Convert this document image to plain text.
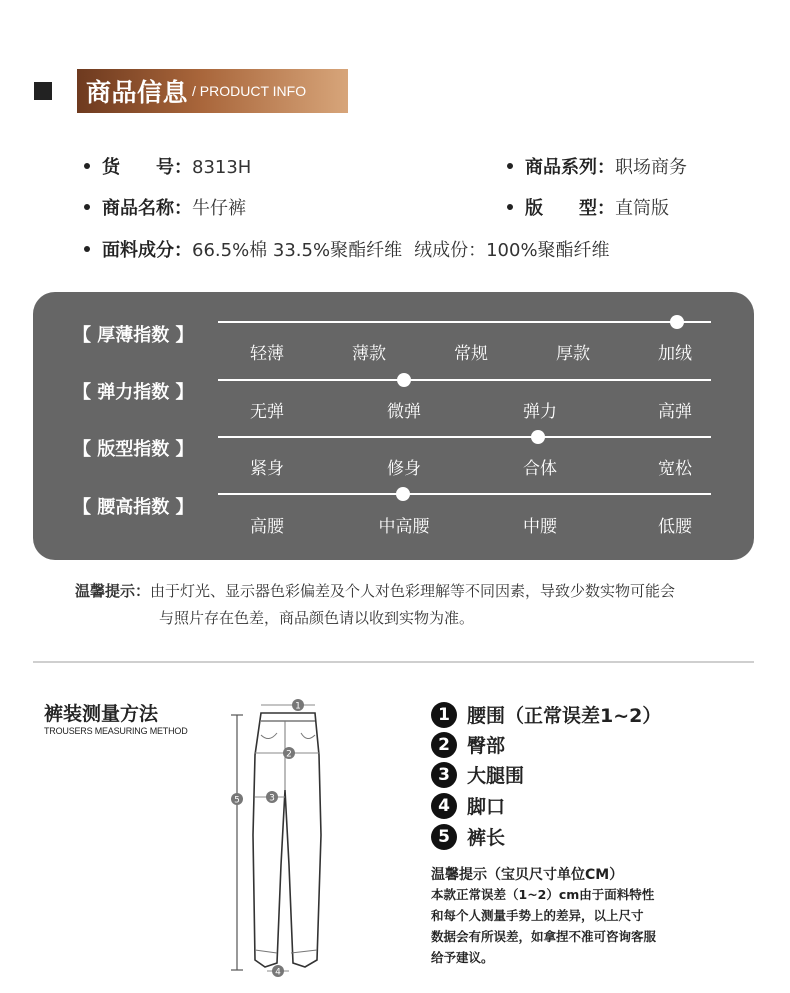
商品信息 / PRODUCT INFO
货　　号：8313H	商品系列：职场商务
商品名称：牛仔裤	版　　型：直筒版
面料成分：66.5%棉 33.5%聚酯纤维 绒成份：100%聚酯纤维
【 厚薄指数 】
轻薄	薄款	常规	厚款	加绒
【 弹力指数 】
无弹	微弹	弹力	高弹
【 版型指数 】
紧身	修身	合体	宽松
【 腰高指数 】
高腰	中高腰	中腰	低腰
温馨提示：由于灯光、显示器色彩偏差及个人对色彩理解等不同因素，导致少数实物可能会
与照片存在色差，商品颜色请以收到实物为准。
裤装测量方法
TROUSERS MEASURING METHOD
1
2
3
4
5
1 腰围（正常误差1~2）
2 臀部
3 大腿围
4 脚口
5 裤长
温馨提示（宝贝尺寸单位CM）
本款正常误差（1~2）cm由于面料特性
和每个人测量手势上的差异，以上尺寸
数据会有所误差，如拿捏不准可咨询客服
给予建议。
